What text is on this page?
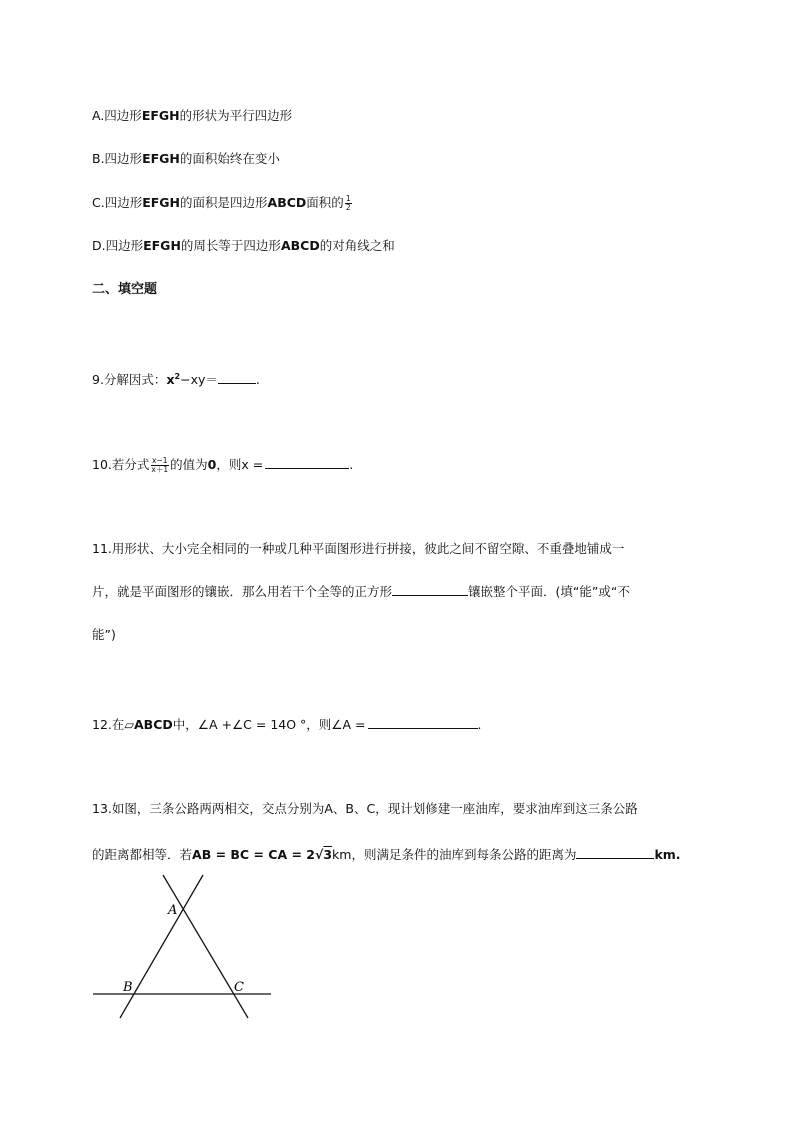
A.四边形EFGH的形状为平行四边形
B.四边形EFGH的面积始终在变小
C.四边形EFGH的面积是四边形ABCD面积的 $\frac{1}{2}$
D.四边形EFGH的周长等于四边形ABCD的对角线之和
二、填空题
9.分解因式：$x^2-xy=$	.
10.若分式 $\frac{x-1}{x+1}$ 的值为0，则x =	.
11.用形状、大小完全相同的一种或几种平面图形进行拼接，彼此之间不留空隙、不重叠地铺成一
片，就是平面图形的镶嵌．那么用若干个全等的正方形	镶嵌整个平面．(填“能”或“不
能”)
12.在▱ABCD中，∠A +∠C = 14O °，则∠A =	.
13.如图，三条公路两两相交，交点分别为A、B、C，现计划修建一座油库，要求油库到这三条公路
的距离都相等．若AB = BC = CA = 2√3km，则满足条件的油库到每条公路的距离为	km.
A
B	C
